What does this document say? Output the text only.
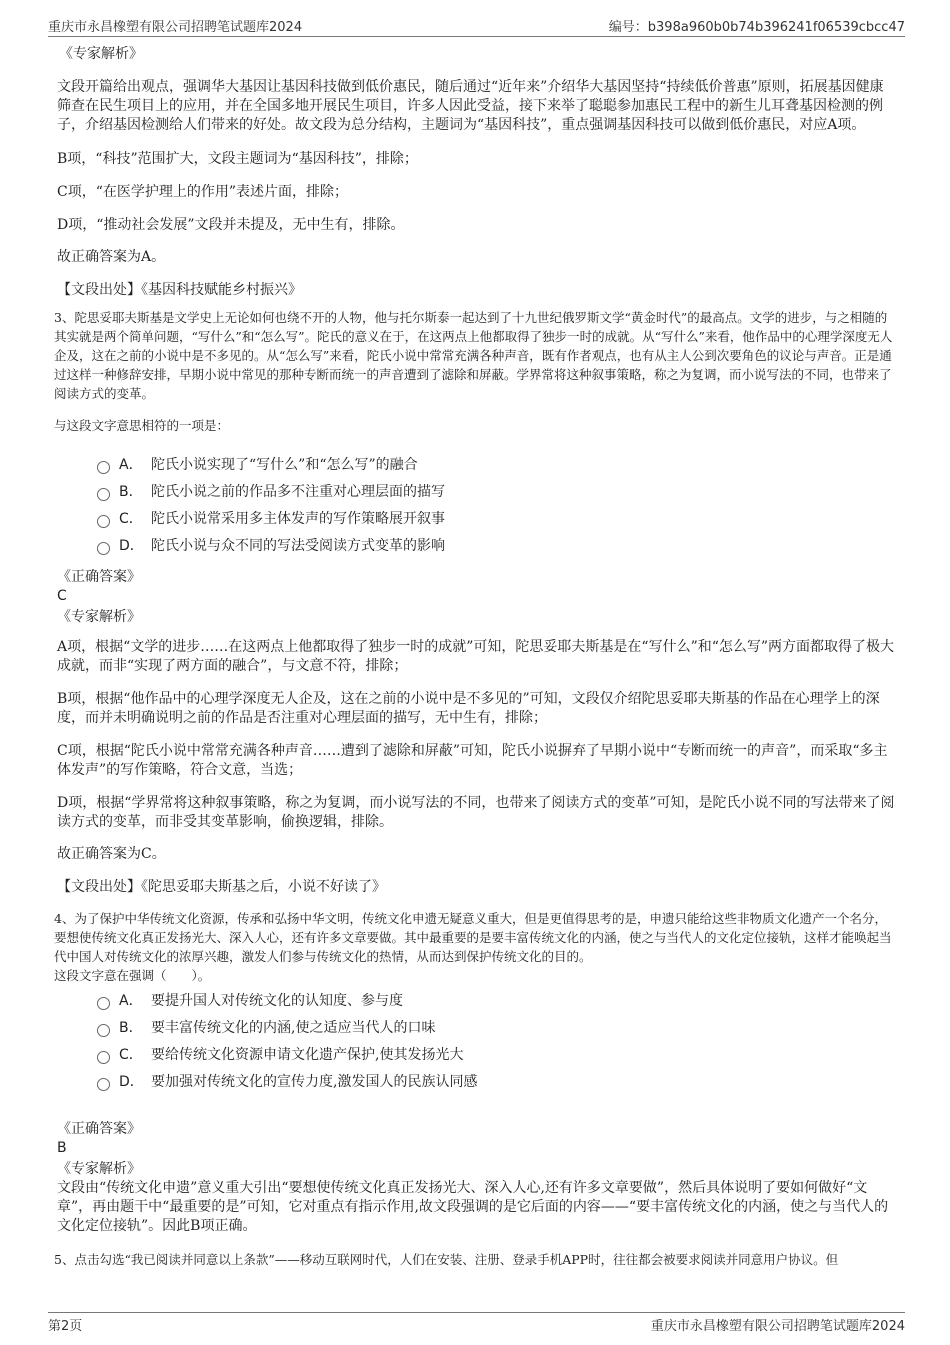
重庆市永昌橡塑有限公司招聘笔试题库2024	编号：b398a960b0b74b396241f06539cbcc47

《专家解析》

文段开篇给出观点，强调华大基因让基因科技做到低价惠民，随后通过“近年来”介绍华大基因坚持“持续低价普惠”原则，拓展基因健康筛查在民生项目上的应用，并在全国多地开展民生项目，许多人因此受益，接下来举了聪聪参加惠民工程中的新生儿耳聋基因检测的例子，介绍基因检测给人们带来的好处。故文段为总分结构，主题词为“基因科技”，重点强调基因科技可以做到低价惠民，对应A项。

B项，“科技”范围扩大，文段主题词为“基因科技”，排除；

C项，“在医学护理上的作用”表述片面，排除；

D项，“推动社会发展”文段并未提及，无中生有，排除。

故正确答案为A。

【文段出处】《基因科技赋能乡村振兴》

3、陀思妥耶夫斯基是文学史上无论如何也绕不开的人物，他与托尔斯泰一起达到了十九世纪俄罗斯文学“黄金时代”的最高点。文学的进步，与之相随的其实就是两个简单问题，“写什么”和“怎么写”。陀氏的意义在于，在这两点上他都取得了独步一时的成就。从“写什么”来看，他作品中的心理学深度无人企及，这在之前的小说中是不多见的。从“怎么写”来看，陀氏小说中常常充满各种声音，既有作者观点，也有从主人公到次要角色的议论与声音。正是通过这样一种修辞安排，早期小说中常见的那种专断而统一的声音遭到了滤除和屏蔽。学界常将这种叙事策略，称之为复调，而小说写法的不同，也带来了阅读方式的变革。

与这段文字意思相符的一项是：

A． 陀氏小说实现了“写什么”和“怎么写”的融合
B． 陀氏小说之前的作品多不注重对心理层面的描写
C． 陀氏小说常采用多主体发声的写作策略展开叙事
D． 陀氏小说与众不同的写法受阅读方式变革的影响

《正确答案》

C

《专家解析》

A项，根据“文学的进步……在这两点上他都取得了独步一时的成就”可知，陀思妥耶夫斯基是在“写什么”和“怎么写”两方面都取得了极大成就，而非“实现了两方面的融合”，与文意不符，排除；

B项，根据“他作品中的心理学深度无人企及，这在之前的小说中是不多见的”可知，文段仅介绍陀思妥耶夫斯基的作品在心理学上的深度，而并未明确说明之前的作品是否注重对心理层面的描写，无中生有，排除；

C项，根据“陀氏小说中常常充满各种声音……遭到了滤除和屏蔽”可知，陀氏小说摒弃了早期小说中“专断而统一的声音”，而采取“多主体发声”的写作策略，符合文意，当选；

D项，根据“学界常将这种叙事策略，称之为复调，而小说写法的不同，也带来了阅读方式的变革”可知，是陀氏小说不同的写法带来了阅读方式的变革，而非受其变革影响，偷换逻辑，排除。

故正确答案为C。

【文段出处】《陀思妥耶夫斯基之后，小说不好读了》

4、为了保护中华传统文化资源，传承和弘扬中华文明，传统文化申遗无疑意义重大，但是更值得思考的是，申遗只能给这些非物质文化遗产一个名分，要想使传统文化真正发扬光大、深入人心，还有许多文章要做。其中最重要的是要丰富传统文化的内涵，使之与当代人的文化定位接轨，这样才能唤起当代中国人对传统文化的浓厚兴趣，激发人们参与传统文化的热情，从而达到保护传统文化的目的。

这段文字意在强调（　　）。

A． 要提升国人对传统文化的认知度、参与度
B． 要丰富传统文化的内涵,使之适应当代人的口味
C． 要给传统文化资源申请文化遗产保护,使其发扬光大
D． 要加强对传统文化的宣传力度,激发国人的民族认同感

《正确答案》

B

《专家解析》

文段由“传统文化申遗”意义重大引出“要想使传统文化真正发扬光大、深入人心,还有许多文章要做”，然后具体说明了要如何做好“文章”，再由题干中“最重要的是”可知，它对重点有指示作用,故文段强调的是它后面的内容——“要丰富传统文化的内涵，使之与当代人的文化定位接轨”。因此B项正确。

5、点击勾选“我已阅读并同意以上条款”——移动互联网时代，人们在安装、注册、登录手机APP时，往往都会被要求阅读并同意用户协议。但

第2页	重庆市永昌橡塑有限公司招聘笔试题库2024
